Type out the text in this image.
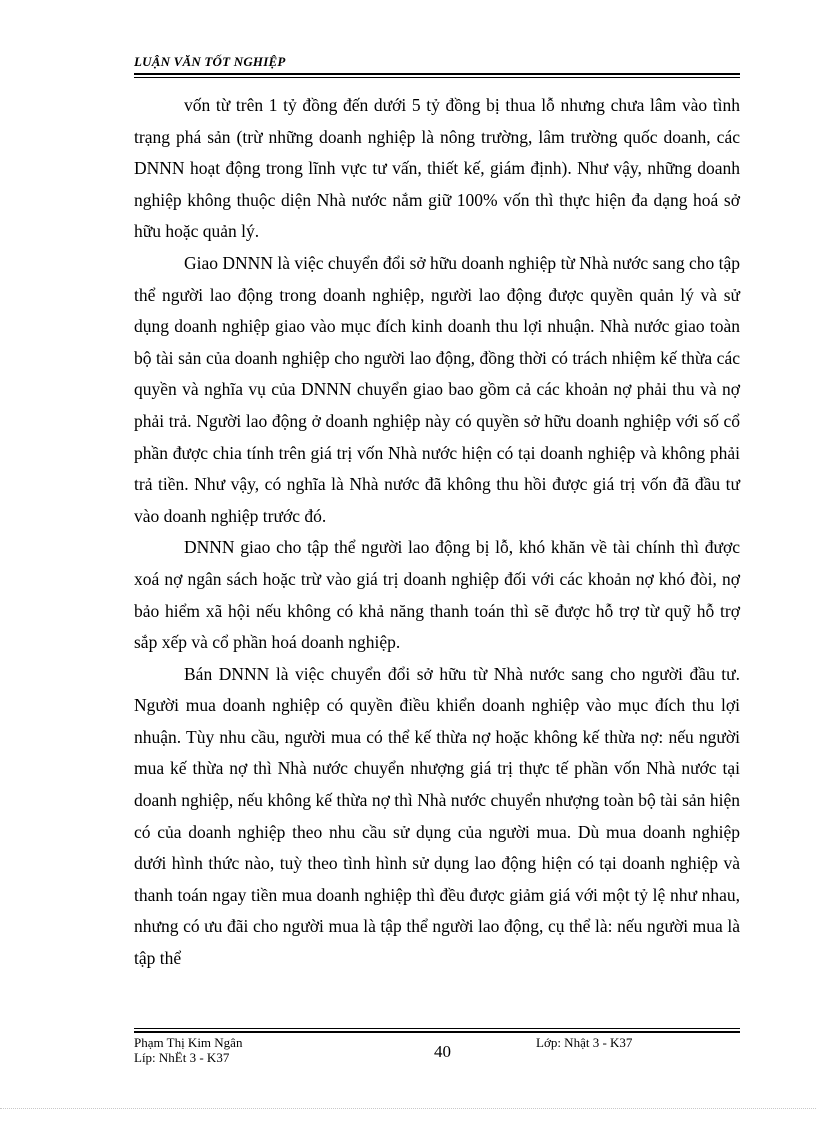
LUẬN VĂN TỐT NGHIỆP

vốn từ trên 1 tỷ đồng đến dưới 5 tỷ đồng bị thua lỗ nhưng chưa lâm vào tình trạng phá sản (trừ những doanh nghiệp là nông trường, lâm trường quốc doanh, các DNNN hoạt động trong lĩnh vực tư vấn, thiết kế, giám định). Như vậy, những doanh nghiệp không thuộc diện Nhà nước nắm giữ 100% vốn thì thực hiện đa dạng hoá sở hữu hoặc quản lý.

Giao DNNN là việc chuyển đổi sở hữu doanh nghiệp từ Nhà nước sang cho tập thể người lao động trong doanh nghiệp, người lao động được quyền quản lý và sử dụng doanh nghiệp giao vào mục đích kinh doanh thu lợi nhuận. Nhà nước giao toàn bộ tài sản của doanh nghiệp cho người lao động, đồng thời có trách nhiệm kế thừa các quyền và nghĩa vụ của DNNN chuyển giao bao gồm cả các khoản nợ phải thu và nợ phải trả. Người lao động ở doanh nghiệp này có quyền sở hữu doanh nghiệp với số cổ phần được chia tính trên giá trị vốn Nhà nước hiện có tại doanh nghiệp và không phải trả tiền. Như vậy, có nghĩa là Nhà nước đã không thu hồi được giá trị vốn đã đầu tư vào doanh nghiệp trước đó.

DNNN giao cho tập thể người lao động bị lỗ, khó khăn về tài chính thì được xoá nợ ngân sách hoặc trừ vào giá trị doanh nghiệp đối với các khoản nợ khó đòi, nợ bảo hiểm xã hội nếu không có khả năng thanh toán thì sẽ được hỗ trợ từ quỹ hỗ trợ sắp xếp và cổ phần hoá doanh nghiệp.

Bán DNNN là việc chuyển đổi sở hữu từ Nhà nước sang cho người đầu tư. Người mua doanh nghiệp có quyền điều khiển doanh nghiệp vào mục đích thu lợi nhuận. Tùy nhu cầu, người mua có thể kế thừa nợ hoặc không kế thừa nợ: nếu người mua kế thừa nợ thì Nhà nước chuyển nhượng giá trị thực tế phần vốn Nhà nước tại doanh nghiệp, nếu không kế thừa nợ thì Nhà nước chuyển nhượng toàn bộ tài sản hiện có của doanh nghiệp theo nhu cầu sử dụng của người mua. Dù mua doanh nghiệp dưới hình thức nào, tuỳ theo tình hình sử dụng lao động hiện có tại doanh nghiệp và thanh toán ngay tiền mua doanh nghiệp thì đều được giảm giá với một tỷ lệ như nhau, nhưng có ưu đãi cho người mua là tập thể người lao động, cụ thể là: nếu người mua là tập thể

Phạm Thị Kim Ngân
Líp: NhËt 3 - K37	40	Lớp: Nhật 3 - K37
